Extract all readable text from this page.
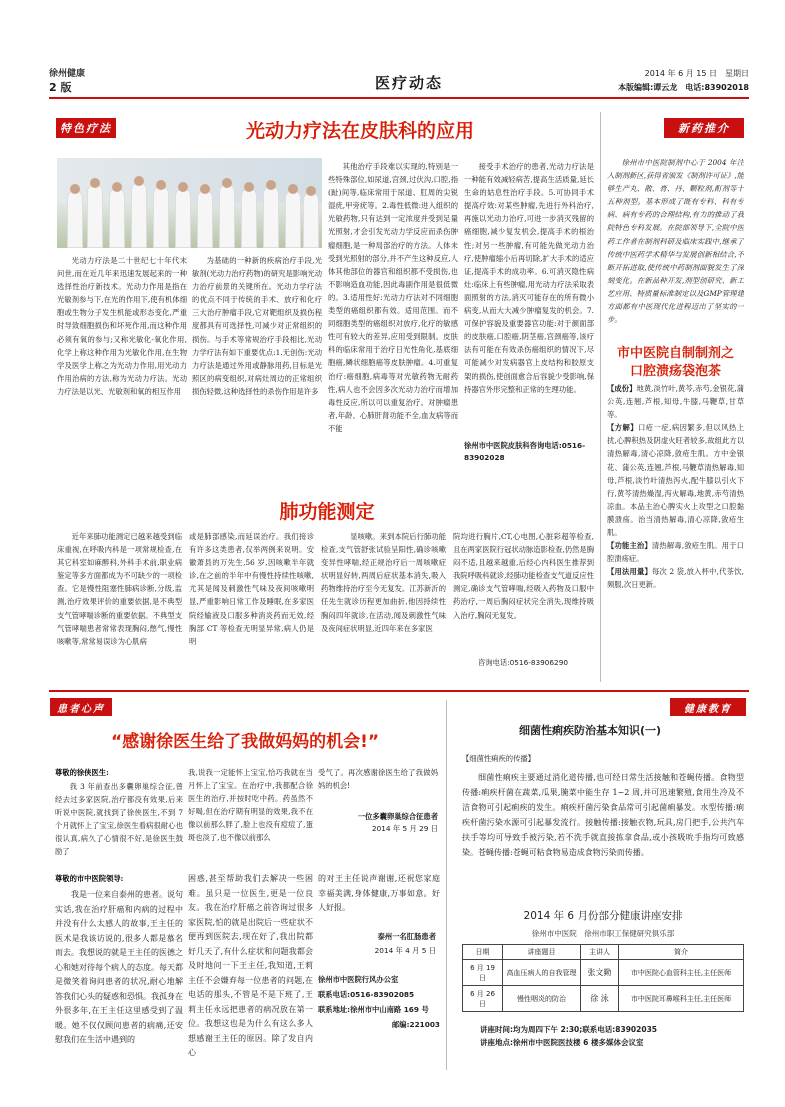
徐州健康
2 版	医疗动态
2014 年 6 月 15 日　星期日
本版编辑:谭云龙　电话:83902018
特色疗法	光动力疗法在皮肤科的应用
光动力疗法是二十世纪七十年代末问世,而在近几年来迅速发展起来的一种选择性治疗新技术。光动力作用是指在光敏剂参与下,在光的作用下,使有机体细胞或生物分子发生机能或形态变化,严重时导致细胞损伤和坏死作用,而这种作用必须有氧的参与;又称光敏化-氧化作用,化学上称这种作用为光敏化作用,在生物学及医学上称之为光动力作用,用光动力作用治病的方法,称为光动力疗法。光动力疗法是以光、光敏剂和氧的相互作用
为基础的一种新的疾病治疗手段,光敏剂(光动力治疗药物)的研究是影响光动力治疗前景的关键所在。光动力学疗法的优点不同于传统的手术、放疗和化疗三大治疗肿瘤手段,它对靶组织及损伤程度都具有可选择性,可减少对正常组织的损伤。与手术等常规治疗手段相比,光动力学疗法有如下重要优点:1.无创伤:光动力疗法是通过外用或静脉用药,目标是光照区的病变组织,对病灶周边的正常组织损伤轻微,这种选择性的杀伤作用是许多
其他治疗手段难以实现的,特别是一些特殊部位,如尿道,宫颈,过伏沟,口腔,指(趾)间等,临床常用于尿道、肛周的尖锐湿疣,甲旁疣等。2.毒性低微:进入组织的光敏药物,只有达到一定浓度并受到足量光照射,才会引发光动力学反应而杀伤肿瘤细胞,是一种局部治疗的方法。人体未受到光照射的部分,并不产生这种反应,人体其他部位的器官和组织都不受损伤,也不影响造血功能,因此毒副作用是很低微的。3.适用性好:光动力疗法对不同细胞类型的癌组织都有效。适用范围。而不同细胞类型的癌组织对放疗,化疗的敏感性可有较大的差异,应用受到限制。皮肤科的临床常用于治疗日光性角化,基底细胞癌,鳞状细胞癌等皮肤肿瘤。4.可重复治疗:癌细胞,病毒等对光敏药物无耐药性,病人也不会因多次光动力治疗而增加毒性反应,所以可以重复治疗。对肿瘤患者,年龄、心肺肝肾功能不全,血友病等而不能
接受手术治疗的患者,光动力疗法是一种能有效减轻病苦,提高生活质量,延长生命的姑息性治疗手段。5.可协同手术提高疗效:对某些肿瘤,先进行外科治疗,再施以光动力治疗,可进一步消灭残留的癌细胞,减少复发机会,提高手术的根治性;对另一些肿瘤,有可能先做光动力治疗,使肿瘤缩小后再切除,扩大手术的适应证,提高手术的成功率。6.可消灭隐性病灶:临床上有些肿瘤,用光动力疗法采取表面照射的方法,消灭可能存在的所有微小病变,从而大大减少肿瘤复发的机会。7.可保护容貌及重要器官功能:对于颜面部的皮肤癌,口腔癌,阴茎癌,宫颈癌等,该疗法有可能在有效杀伤癌组织的情况下,尽可能减少对发病器官上皮结构和胶原支架的损伤,使创面愈合后容貌少受影响,保持器官外形完整和正常的生理功能。
徐州市中医院皮肤科咨询电话:0516-83902028
肺功能测定
近年来肺功能测定已越来越受到临床重视,在呼吸内科是一项常规检查,在其它科室如麻醉科,外科手术前,职业病鉴定等多方面都成为不可缺少的一项检查。它是慢性阻塞性肺病诊断,分级,监测,治疗效果评价的重要依据,是不典型支气管哮喘诊断的重要依据。不典型支气管哮喘患者常常表现胸闷,憋气,慢性咳嗽等,常常易误诊为心肌病
或是肺部感染,而延误治疗。我们接诊有许多这类患者,仅举两例来说明。安徽萧县的万先生,56 岁,因咳嗽半年就诊,在之前的半年中有慢性持续性咳嗽,尤其是闻及刺激性气味及夜间咳嗽明显,严重影响日常工作及睡眠,在多家医院经输液及口服多种消炎药而无效,经胸部 CT 等检查无明显异常,病人仍是明
显咳嗽。来到本院后行肺功能检查,支气管舒张试验呈阳性,确诊咳嗽变异性哮喘,经正规治疗后一周咳嗽症状明显好转,两周后症状基本消失,吸入药物维持治疗至今无复发。江苏新沂的任先生就诊历程更加曲折,他因持续性胸闷四年就诊,在活动,闻及刺激性气味及夜间症状明显,近四年来在多家医
院均进行胸片,CT,心电图,心脏彩超等检查,且在两家医院行冠状动脉造影检查,仍然是胸闷不适,且越来越重,后经心内科医生推荐到我院呼吸科就诊,经肺功能检查支气道反应性测定,确诊支气管哮喘,经吸入药物及口服中药治疗,一周后胸闷症状完全消失,现维持吸入治疗,胸闷无复发。
咨询电话:0516-83906290
新药推介
徐州市中医院制剂中心于 2004 年注入制剂新区,获得省颁发《制剂许可证》,能够生产丸、散、膏、丹、颗粒剂,酊剂等十五种剂型。基本形成了既有专科、科有专病、病有专药的合理结构,有力的推动了我院特色专科发展。在院部领导下,全院中医药工作者在制剂科研及临床实践中,继承了传统中医药学术精华与发展创新相结合,不断开拓进取,使传统中药制剂面貌发生了深刻变化。在新品种开发,剂型创研究、新工艺应用、特质量标准制定以及GMP管理建方面都有中医现代化进程迈出了坚实的一步。
市中医院自制制剂之
口腔溃疡袋泡茶
【成份】地黄,淡竹叶,黄芩,赤芍,金银花,蒲公英,连翘,芦根,知母,牛膝,马鞭草,甘草等。
【方解】口疮一症,病因繁多,但以风热上扰,心脾积热及阴虚火旺者较多,故组此方以清热解毒,清心凉降,敛疮生肌。方中金银花、蒲公英,连翘,芦根,马鞭草清热解毒,知母,芦根,淡竹叶清热泻火,配牛膝以引火下行,黄芩清热燥湿,泻火解毒,地黄,赤芍清热凉血。本品主治心脾实火上攻型之口腔黏膜溃疡。治当清热解毒,清心凉降,敛疮生肌。
【功能主治】清热解毒,敛疮生肌。用于口腔溃疡症。
【用法用量】每次 2 袋,放入杯中,代茶饮,频服,次日更新。
患者心声
“感谢徐医生给了我做妈妈的机会!”
尊敬的徐侠医生:
我 3 年前查出多囊卵巢综合征,曾经去过多家医院,治疗都没有效果,后来听说中医院,就找到了徐侠医生,不到 7 个月就怀上了宝宝,徐医生看病很耐心也很认真,病久了心情很不好,是徐医生鼓励了
我,说我一定能怀上宝宝,恰巧我就在当月怀上了宝宝。在治疗中,我都配合徐医生的治疗,并按时吃中药。药虽然不好喝,但在治疗期有明显的效果,我不在像以前那么胖了,脸上也没有痘痘了,蛋斑也淡了,也不像以前那么
受气了。再次感谢徐医生给了我做妈妈的机会!
一位多囊卵巢综合征患者
2014 年 5 月 29 日
尊敬的市中医院领导:
我是一位来自泰州的患者。说句实话,我在治疗肝癌和内病的过程中并没有什么太感人的故事,王主任的医术是我该访说的,很多人都是慕名而去。我想说的就是王主任的医德之心和她对待每个病人的态度。每天都是微笑着询问患者的状况,耐心地解答我们心头的疑惑和恐惧。我孤身在外很多年,在王主任这里感受到了温暖。她不仅仅顾问患者的病痛,还安慰我们在生活中遇到的
困惑,甚至帮助我们去解决一些困难。虽只是一位医生,更是一位良友。我在治疗肝癌之前咨询过很多家医院,怕的就是出院后一些症状不便再到医院去,现在好了,我出院都好几天了,有什么症状和问题我都会及时地问一下王主任,我知道,王莉主任不会嫌弃每一位患者的问题,在电话的那头,不管是不是下班了,王莉主任永远把患者的病况放在第一位。我想这也是为什么有这么多人想感谢王主任的原因。除了发自内心
的对王主任说声谢谢,还祝您家庭幸福美满,身体健康,万事如意。好人好报。
泰州一名肛肠患者
2014 年 4 月 5 日
徐州市中医院行风办公室
联系电话:0516-83902085
联系地址:徐州市中山南路 169 号
邮编:221003
健康教育
细菌性痢疾防治基本知识(一)
【细菌性痢疾的传播】
细菌性痢疾主要通过消化道传播,也可经日常生活接触和苍蝇传播。食物型传播:痢疾杆菌在蔬菜,瓜果,腌菜中能生存 1~2 周,并可迅速繁殖,食用生冷及不洁食物可引起痢疾的发生。痢疾杆菌污染食品常可引起菌痢暴发。水型传播:痢疾杆菌污染水源可引起暴发流行。接触传播:接触衣物,玩具,房门把手,公共汽车扶手等均可导致手被污染,若不洗手就直接拣拿食品,或小孩吸吮手指均可致感染。苍蝇传播:苍蝇可粘食物易造成食物污染而传播。
2014 年 6 月份部分健康讲座安排
徐州市中医院　徐州市职工保健研究俱乐部
日期	讲座题目	主讲人	简介
6 月 19 日	高血压病人的自我管理	张文勤	市中医院心血管科主任,主任医师
6 月 26 日	慢性咽炎的防治	徐 泳	市中医院耳鼻喉科主任,主任医师
讲座时间:均为周四下午 2:30;联系电话:83902035
讲座地点:徐州市中医院医技楼 6 楼多媒体会议室
